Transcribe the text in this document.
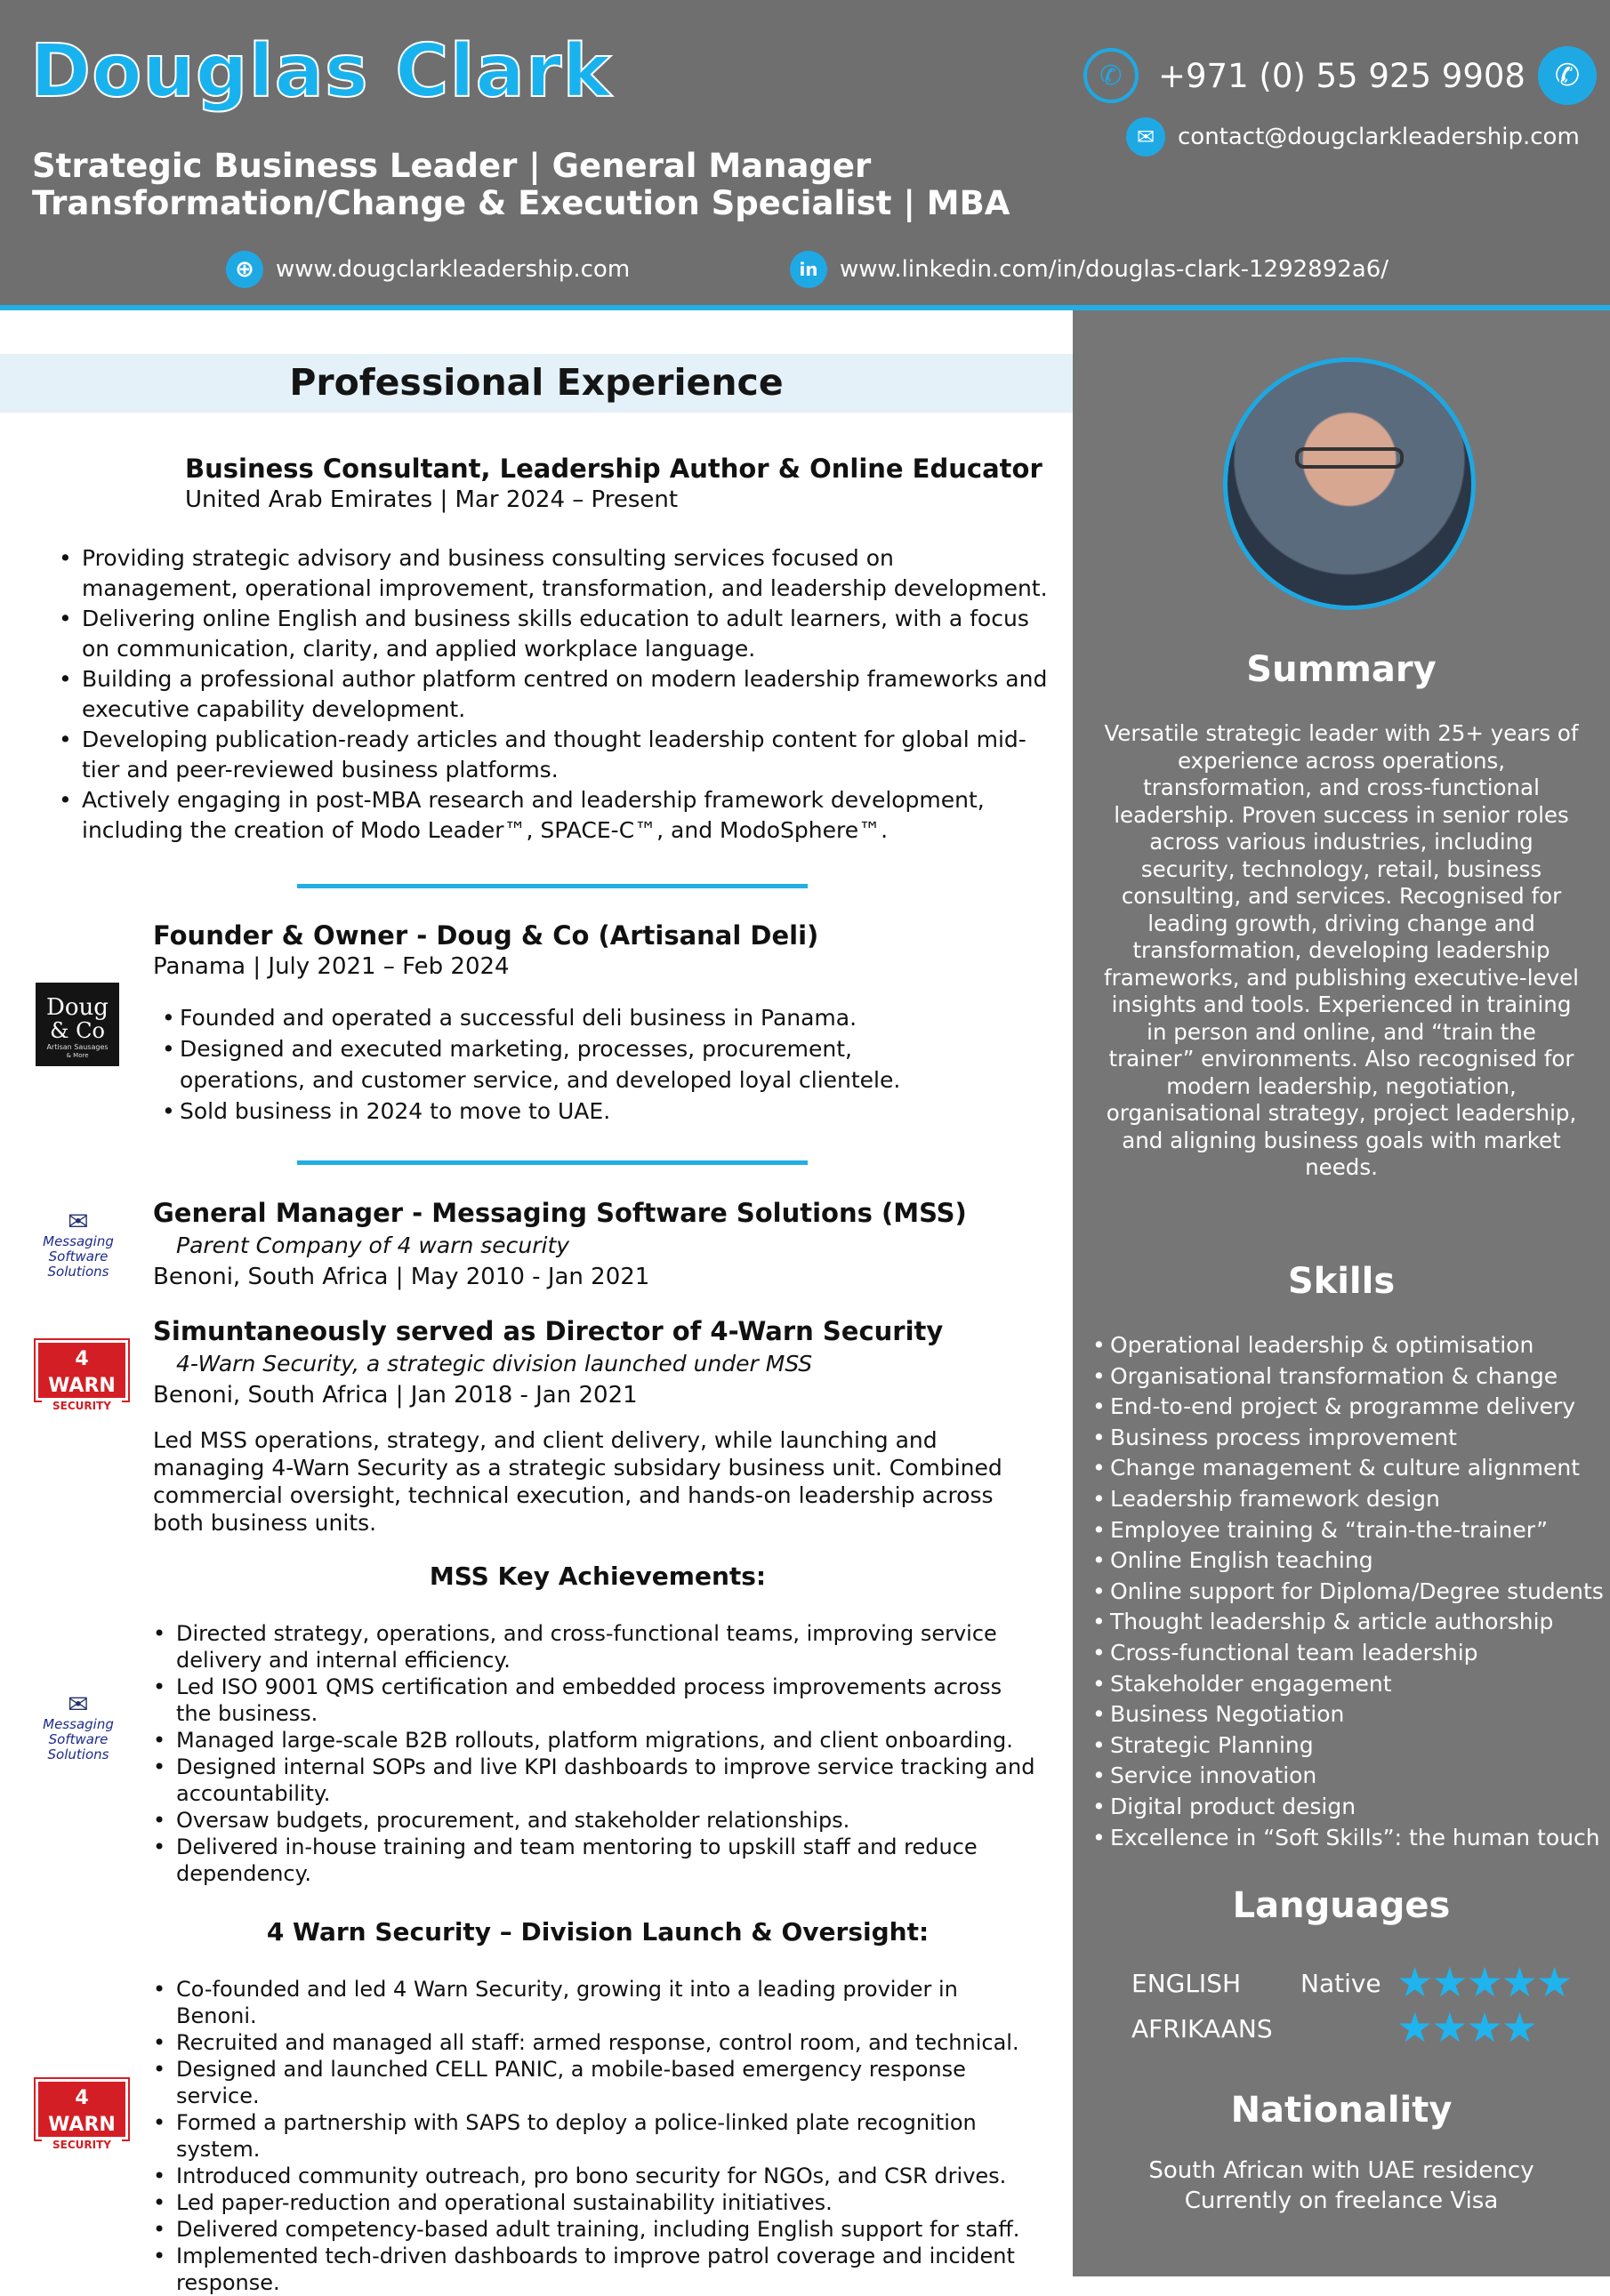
Douglas Clark
Strategic Business Leader | General Manager
Transformation/Change & Execution Specialist | MBA
✆	+971 (0) 55 925 9908 ✆
✉ contact@dougclarkleadership.com
⊕ www.dougclarkleadership.com	in www.linkedin.com/in/douglas-clark-1292892a6/
Professional Experience
Business Consultant, Leadership Author & Online Educator
United Arab Emirates | Mar 2024 – Present
• Providing strategic advisory and business consulting services focused on management, operational improvement, transformation, and leadership development.
• Delivering online English and business skills education to adult learners, with a focus on communication, clarity, and applied workplace language.
• Building a professional author platform centred on modern leadership frameworks and executive capability development.
• Developing publication-ready articles and thought leadership content for global mid-tier and peer-reviewed business platforms.
• Actively engaging in post-MBA research and leadership framework development, including the creation of Modo Leader™, SPACE-C™, and ModoSphere™.
Doug
& Co
Artisan Sausages
& More
Founder & Owner - Doug & Co (Artisanal Deli)
Panama | July 2021 – Feb 2024
• Founded and operated a successful deli business in Panama.
• Designed and executed marketing, processes, procurement, operations, and customer service, and developed loyal clientele.
• Sold business in 2024 to move to UAE.
✉
Messaging
Software
Solutions
General Manager - Messaging Software Solutions (MSS)
Parent Company of 4 warn security
Benoni, South Africa | May 2010 - Jan 2021
4 WARN
SECURITY
Simuntaneously served as Director of 4-Warn Security
4-Warn Security, a strategic division launched under MSS
Benoni, South Africa | Jan 2018 - Jan 2021
Led MSS operations, strategy, and client delivery, while launching and managing 4-Warn Security as a strategic subsidary business unit. Combined commercial oversight, technical execution, and hands-on leadership across both business units.
MSS Key Achievements:
✉
Messaging
Software
Solutions
• Directed strategy, operations, and cross-functional teams, improving service delivery and internal efficiency.
• Led ISO 9001 QMS certification and embedded process improvements across the business.
• Managed large-scale B2B rollouts, platform migrations, and client onboarding.
• Designed internal SOPs and live KPI dashboards to improve service tracking and accountability.
• Oversaw budgets, procurement, and stakeholder relationships.
• Delivered in-house training and team mentoring to upskill staff and reduce dependency.
4 Warn Security – Division Launch & Oversight:
4 WARN
SECURITY
• Co-founded and led 4 Warn Security, growing it into a leading provider in Benoni.
• Recruited and managed all staff: armed response, control room, and technical.
• Designed and launched CELL PANIC, a mobile-based emergency response service.
• Formed a partnership with SAPS to deploy a police-linked plate recognition system.
• Introduced community outreach, pro bono security for NGOs, and CSR drives.
• Led paper-reduction and operational sustainability initiatives.
• Delivered competency-based adult training, including English support for staff.
• Implemented tech-driven dashboards to improve patrol coverage and incident response.
Summary
Versatile strategic leader with 25+ years of experience across operations, transformation, and cross-functional leadership. Proven success in senior roles across various industries, including security, technology, retail, business consulting, and services. Recognised for leading growth, driving change and transformation, developing leadership frameworks, and publishing executive-level insights and tools. Experienced in training in person and online, and “train the trainer” environments. Also recognised for modern leadership, negotiation, organisational strategy, project leadership, and aligning business goals with market needs.
Skills
• Operational leadership & optimisation
• Organisational transformation & change
• End-to-end project & programme delivery
• Business process improvement
• Change management & culture alignment
• Leadership framework design
• Employee training & “train-the-trainer”
• Online English teaching
• Online support for Diploma/Degree students
• Thought leadership & article authorship
• Cross-functional team leadership
• Stakeholder engagement
• Business Negotiation
• Strategic Planning
• Service innovation
• Digital product design
• Excellence in “Soft Skills”: the human touch
Languages
ENGLISH Native ★★★★★
AFRIKAANS	★★★★
Nationality
South African with UAE residency
Currently on freelance Visa
